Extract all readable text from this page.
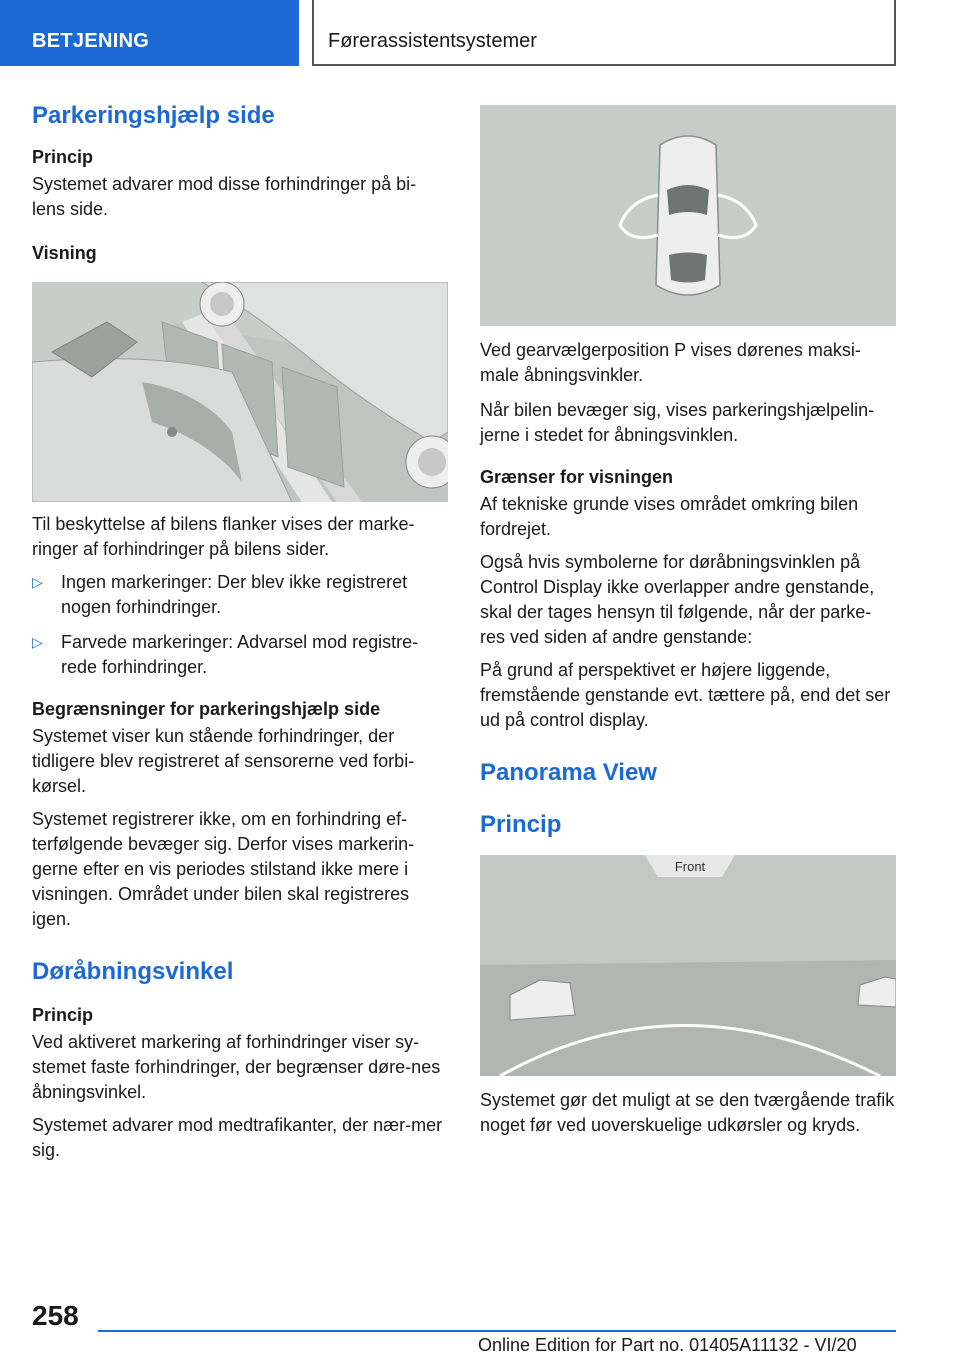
BETJENING	Førerassistentsystemer
Parkeringshjælp side
Princip
Systemet advarer mod disse forhindringer på bi-lens side.
Visning
Til beskyttelse af bilens flanker vises der marke-ringer af forhindringer på bilens sider.
▷ Ingen markeringer: Der blev ikke registreret nogen forhindringer.
▷ Farvede markeringer: Advarsel mod registre-rede forhindringer.
Begrænsninger for parkeringshjælp side
Systemet viser kun stående forhindringer, der tidligere blev registreret af sensorerne ved forbi-kørsel.
Systemet registrerer ikke, om en forhindring ef-terfølgende bevæger sig. Derfor vises markerin-gerne efter en vis periodes stilstand ikke mere i visningen. Området under bilen skal registreres igen.
Døråbningsvinkel
Princip
Ved aktiveret markering af forhindringer viser sy-stemet faste forhindringer, der begrænser døre-nes åbningsvinkel.
Systemet advarer mod medtrafikanter, der nær-mer sig.
Ved gearvælgerposition P vises dørenes maksi-male åbningsvinkler.
Når bilen bevæger sig, vises parkeringshjælpelin-jerne i stedet for åbningsvinklen.
Grænser for visningen
Af tekniske grunde vises området omkring bilen fordrejet.
Også hvis symbolerne for døråbningsvinklen på Control Display ikke overlapper andre genstande, skal der tages hensyn til følgende, når der parke-res ved siden af andre genstande:
På grund af perspektivet er højere liggende, fremstående genstande evt. tættere på, end det ser ud på control display.
Panorama View
Princip
Front
Systemet gør det muligt at se den tværgående trafik noget før ved uoverskuelige udkørsler og kryds.
258
Online Edition for Part no. 01405A11132 - VI/20
